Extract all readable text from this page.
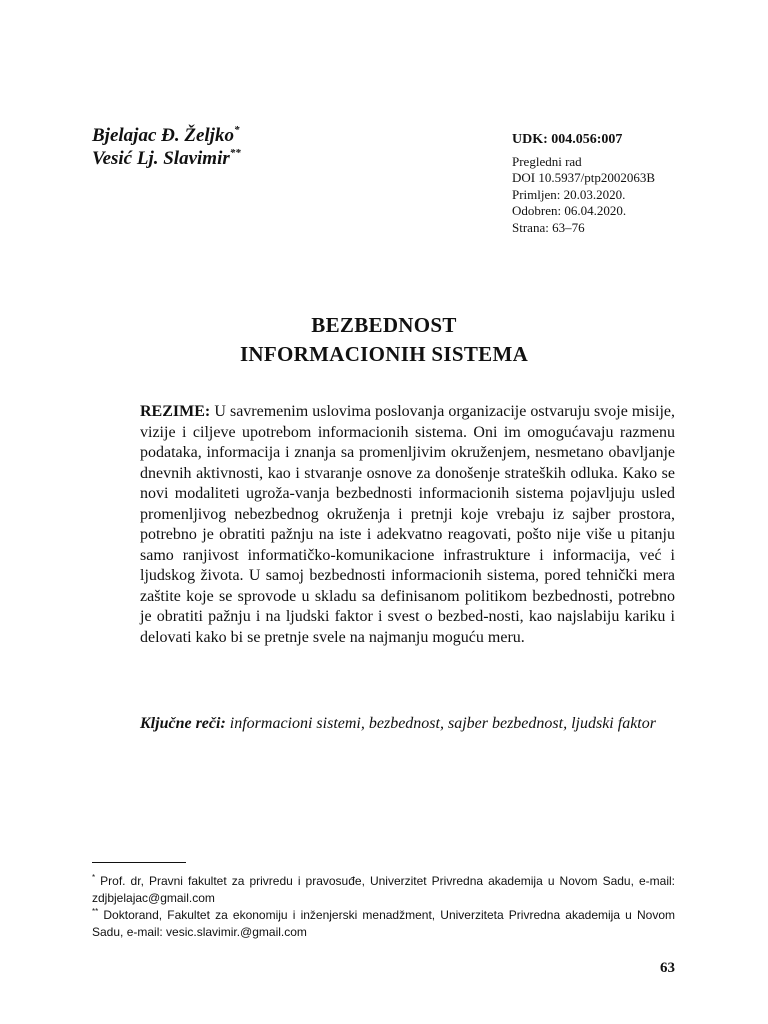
Bjelajac Đ. Željko*
Vesić Lj. Slavimir**
UDK: 004.056:007
Pregledni rad
DOI 10.5937/ptp2002063B
Primljen: 20.03.2020.
Odobren: 06.04.2020.
Strana: 63–76
BEZBEDNOST
INFORMACIONIH SISTEMA
REZIME: U savremenim uslovima poslovanja organizacije ostvaruju svoje misije, vizije i ciljeve upotrebom informacionih sistema. Oni im omogućavaju razmenu podataka, informacija i znanja sa promenljivim okruženjem, nesmetano obavljanje dnevnih aktivnosti, kao i stvaranje osnove za donošenje strateških odluka. Kako se novi modaliteti ugroža-vanja bezbednosti informacionih sistema pojavljuju usled promenljivog nebezbednog okruženja i pretnji koje vrebaju iz sajber prostora, potrebno je obratiti pažnju na iste i adekvatno reagovati, pošto nije više u pitanju samo ranjivost informatičko-komunikacione infrastrukture i informacija, već i ljudskog života. U samoj bezbednosti informacionih sistema, pored tehnički mera zaštite koje se sprovode u skladu sa definisanom politikom bezbednosti, potrebno je obratiti pažnju i na ljudski faktor i svest o bezbed-nosti, kao najslabiju kariku i delovati kako bi se pretnje svele na najmanju moguću meru.
Ključne reči: informacioni sistemi, bezbednost, sajber bezbednost, ljudski faktor

* Prof. dr, Pravni fakultet za privredu i pravosuđe, Univerzitet Privredna akademija u Novom Sadu, e-mail: zdjbjelajac@gmail.com

** Doktorand, Fakultet za ekonomiju i inženjerski menadžment, Univerziteta Privredna akademija u Novom Sadu, e-mail: vesic.slavimir.@gmail.com

63
